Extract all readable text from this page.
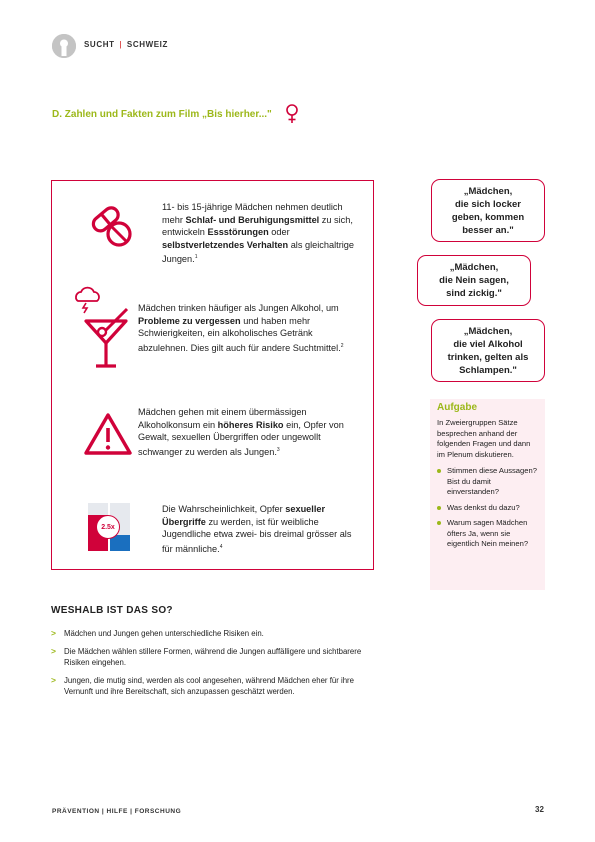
SUCHT | SCHWEIZ
D. Zahlen und Fakten zum Film „Bis hierher..."
11- bis 15-jährige Mädchen nehmen deutlich mehr Schlaf- und Beruhigungsmittel zu sich, entwickeln Essstörungen oder selbstverletzendes Verhalten als gleichaltrige Jungen.$^1$
Mädchen trinken häufiger als Jungen Alkohol, um Probleme zu vergessen und haben mehr Schwierigkeiten, ein alkoholisches Getränk abzulehnen. Dies gilt auch für andere Suchtmittel.$^2$
Mädchen gehen mit einem übermässigen Alkoholkonsum ein höheres Risiko ein, Opfer von Gewalt, sexuellen Übergriffen oder ungewollt schwanger zu werden als Jungen.$^3$
2.5x
Die Wahrscheinlichkeit, Opfer sexueller Übergriffe zu werden, ist für weibliche Jugendliche etwa zwei- bis dreimal grösser als für männliche.$^4$
„Mädchen,
die sich locker
geben, kommen
besser an."
„Mädchen,
die Nein sagen,
sind zickig."
„Mädchen,
die viel Alkohol
trinken, gelten als
Schlampen."
Aufgabe
In Zweiergruppen Sätze besprechen anhand der folgenden Fragen und dann im Plenum diskutieren.
Stimmen diese Aussagen? Bist du damit einverstanden?
Was denkst du dazu?
Warum sagen Mädchen öfters Ja, wenn sie eigentlich Nein meinen?
WESHALB IST DAS SO?
> Mädchen und Jungen gehen unterschiedliche Risiken ein.
> Die Mädchen wählen stillere Formen, während die Jungen auffälligere und sichtbarere Risiken eingehen.
> Jungen, die mutig sind, werden als cool angesehen, während Mädchen eher für ihre Vernunft und ihre Bereitschaft, sich anzupassen geschätzt werden.
PRÄVENTION | HILFE | FORSCHUNG	32
